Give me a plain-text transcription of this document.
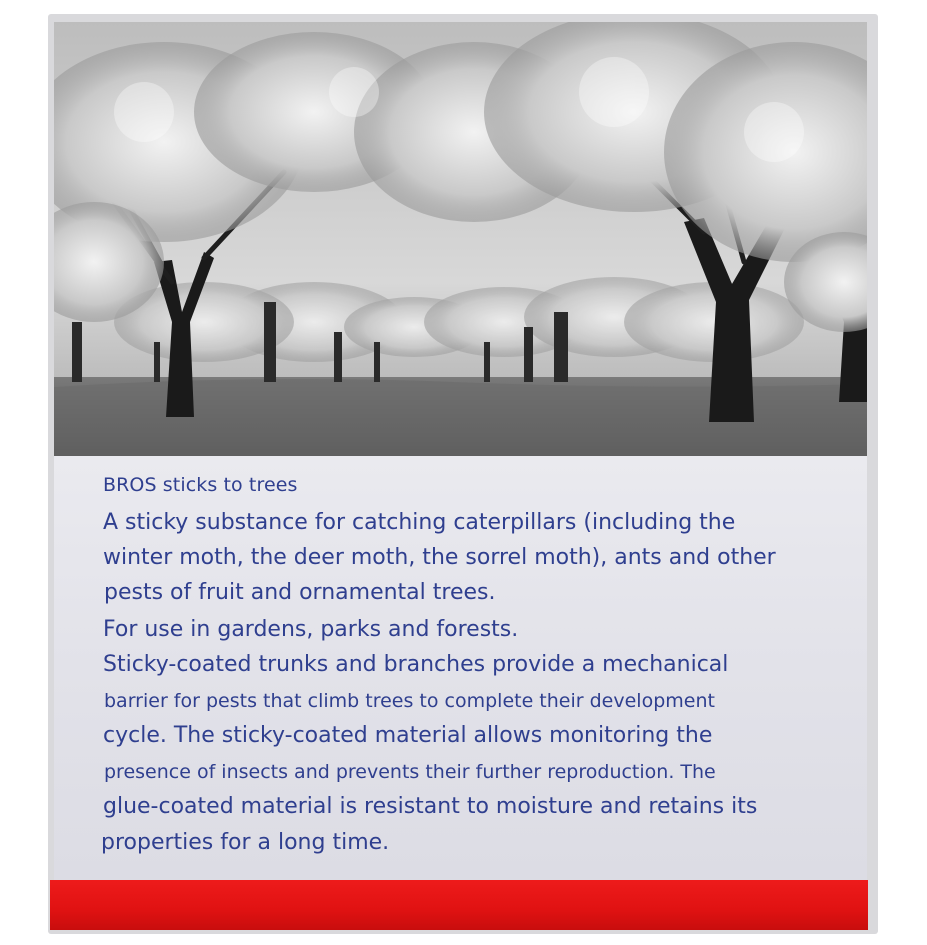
BROS sticks to trees
A sticky substance for catching caterpillars (including the
winter moth, the deer moth, the sorrel moth), ants and other
pests of fruit and ornamental trees.
For use in gardens, parks and forests.
Sticky-coated trunks and branches provide a mechanical
barrier for pests that climb trees to complete their development
cycle. The sticky-coated material allows monitoring the
presence of insects and prevents their further reproduction. The
glue-coated material is resistant to moisture and retains its
properties for a long time.
